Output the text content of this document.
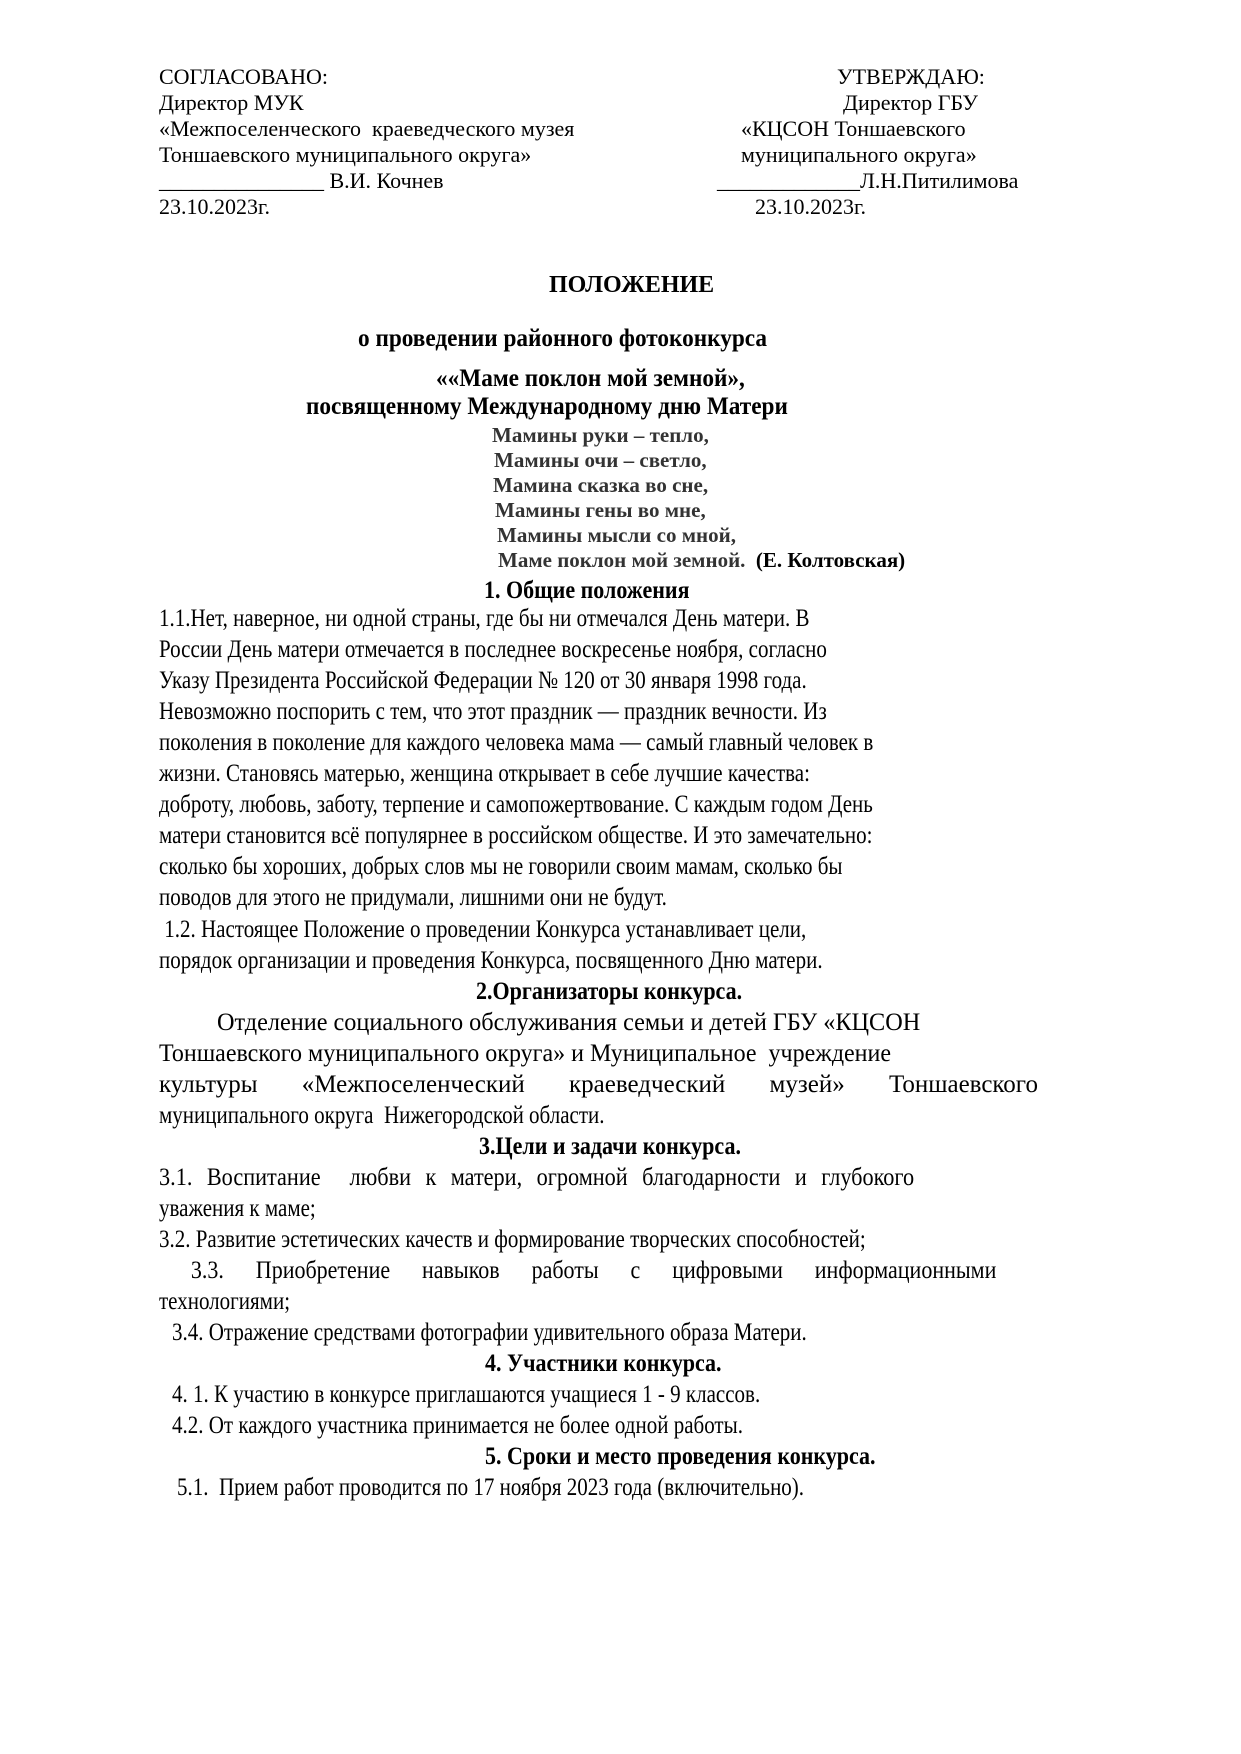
СОГЛАСОВАНО:
Директор МУК
«Межпоселенческого  краеведческого музея
Тоншаевского муниципального округа»
_______________ В.И. Кочнев
23.10.2023г.
УТВЕРЖДАЮ:
Директор ГБУ
«КЦСОН Тоншаевского
муниципального округа»
_____________Л.Н.Питилимова
23.10.2023г.
ПОЛОЖЕНИЕ
о проведении районного фотоконкурса
««Маме поклон мой земной»,
посвященному Международному дню Матери
Мамины руки – тепло,
Мамины очи – светло,
Мамина сказка во сне,
Мамины гены во мне,
Мамины мысли со мной,
Маме поклон мой земной. (Е. Колтовская)
1. Общие положения
1.1.Нет, наверное, ни одной страны, где бы ни отмечался День матери. В
России День матери отмечается в последнее воскресенье ноября, согласно
Указу Президента Российской Федерации № 120 от 30 января 1998 года.
Невозможно поспорить с тем, что этот праздник — праздник вечности. Из
поколения в поколение для каждого человека мама — самый главный человек в
жизни. Становясь матерью, женщина открывает в себе лучшие качества:
доброту, любовь, заботу, терпение и самопожертвование. С каждым годом День
матери становится всё популярнее в российском обществе. И это замечательно:
сколько бы хороших, добрых слов мы не говорили своим мамам, сколько бы
поводов для этого не придумали, лишними они не будут.
1.2. Настоящее Положение о проведении Конкурса устанавливает цели,
порядок организации и проведения Конкурса, посвященного Дню матери.
2.Организаторы конкурса.
Отделение социального обслуживания семьи и детей ГБУ «КЦСОН
Тоншаевского муниципального округа» и Муниципальное  учреждение
культуры «Межпоселенческий краеведческий музей» Тоншаевского
муниципального округа  Нижегородской области.
3.Цели и задачи конкурса.
3.1. Воспитание  любви к матери, огромной благодарности и глубокого
уважения к маме;
3.2. Развитие эстетических качеств и формирование творческих способностей;
3.3. Приобретение навыков работы с цифровыми информационными
технологиями;
3.4. Отражение средствами фотографии удивительного образа Матери.
4. Участники конкурса.
4. 1. К участию в конкурсе приглашаются учащиеся 1 - 9 классов.
4.2. От каждого участника принимается не более одной работы.
5. Сроки и место проведения конкурса.
5.1.  Прием работ проводится по 17 ноября 2023 года (включительно).
